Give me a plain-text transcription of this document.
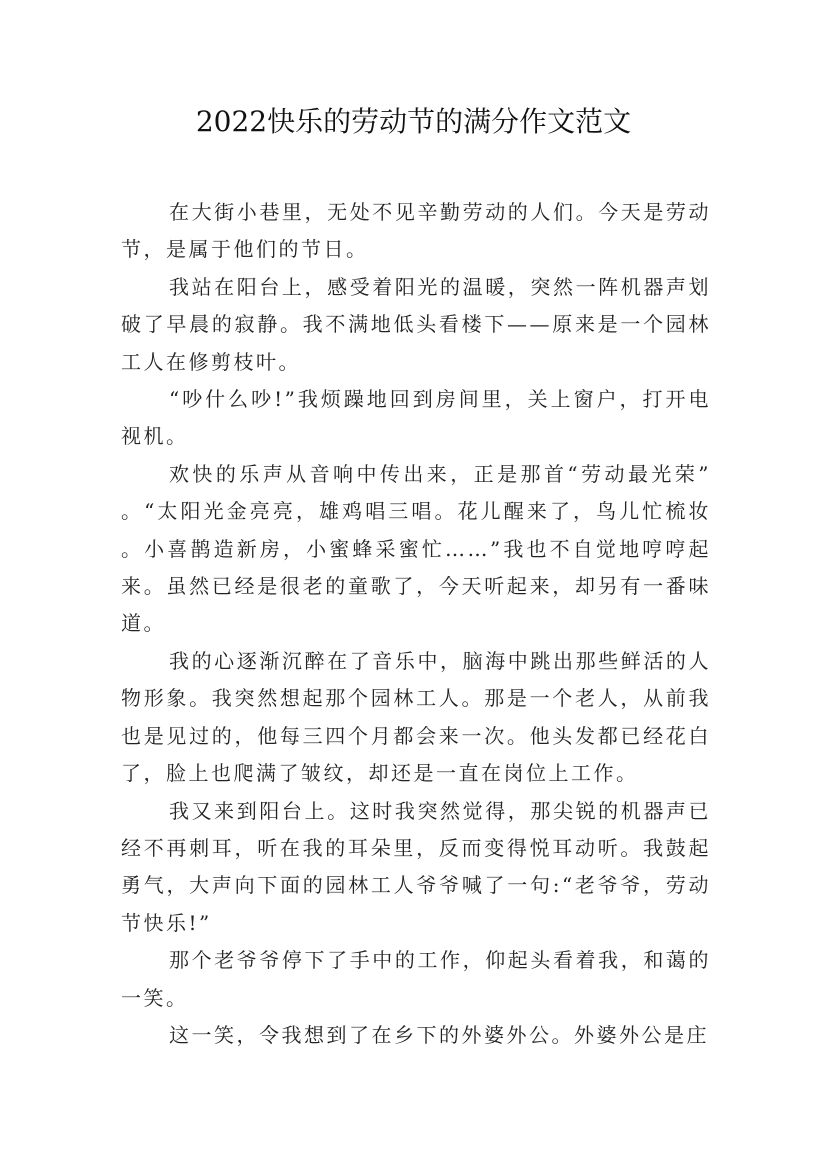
2022快乐的劳动节的满分作文范文

在大街小巷里，无处不见辛勤劳动的人们。今天是劳动节，是属于他们的节日。

我站在阳台上，感受着阳光的温暖，突然一阵机器声划破了早晨的寂静。我不满地低头看楼下——原来是一个园林工人在修剪枝叶。

“吵什么吵!”我烦躁地回到房间里，关上窗户，打开电视机。

欢快的乐声从音响中传出来，正是那首“劳动最光荣”。“太阳光金亮亮，雄鸡唱三唱。花儿醒来了，鸟儿忙梳妆。小喜鹊造新房，小蜜蜂采蜜忙……”我也不自觉地哼哼起来。虽然已经是很老的童歌了，今天听起来，却另有一番味道。

我的心逐渐沉醉在了音乐中，脑海中跳出那些鲜活的人物形象。我突然想起那个园林工人。那是一个老人，从前我也是见过的，他每三四个月都会来一次。他头发都已经花白了，脸上也爬满了皱纹，却还是一直在岗位上工作。

我又来到阳台上。这时我突然觉得，那尖锐的机器声已经不再刺耳，听在我的耳朵里，反而变得悦耳动听。我鼓起勇气，大声向下面的园林工人爷爷喊了一句:“老爷爷，劳动节快乐!”

那个老爷爷停下了手中的工作，仰起头看着我，和蔼的一笑。

这一笑，令我想到了在乡下的外婆外公。外婆外公是庄
